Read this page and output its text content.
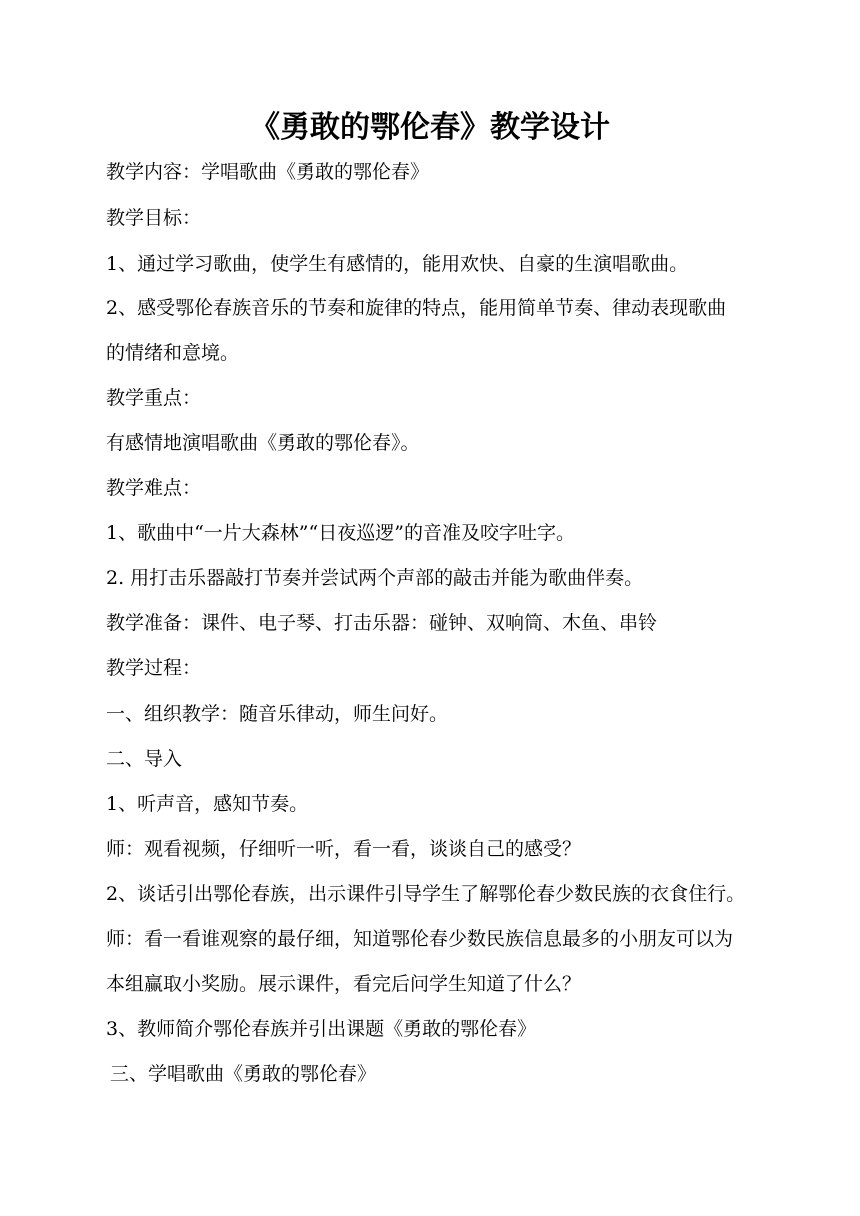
《勇敢的鄂伦春》教学设计
教学内容：学唱歌曲《勇敢的鄂伦春》
教学目标：
1、通过学习歌曲，使学生有感情的，能用欢快、自豪的生演唱歌曲。
2、感受鄂伦春族音乐的节奏和旋律的特点，能用简单节奏、律动表现歌曲
的情绪和意境。
教学重点：
有感情地演唱歌曲《勇敢的鄂伦春》。
教学难点：
1、歌曲中“一片大森林”“日夜巡逻”的音准及咬字吐字。
2. 用打击乐器敲打节奏并尝试两个声部的敲击并能为歌曲伴奏。
教学准备：课件、电子琴、打击乐器：碰钟、双响筒、木鱼、串铃
教学过程：
一、组织教学：随音乐律动，师生问好。
二、导入
1、听声音，感知节奏。
师：观看视频，仔细听一听，看一看，谈谈自己的感受？
2、谈话引出鄂伦春族，出示课件引导学生了解鄂伦春少数民族的衣食住行。
师：看一看谁观察的最仔细，知道鄂伦春少数民族信息最多的小朋友可以为
本组赢取小奖励。展示课件，看完后问学生知道了什么？
3、教师简介鄂伦春族并引出课题《勇敢的鄂伦春》
三、学唱歌曲《勇敢的鄂伦春》
